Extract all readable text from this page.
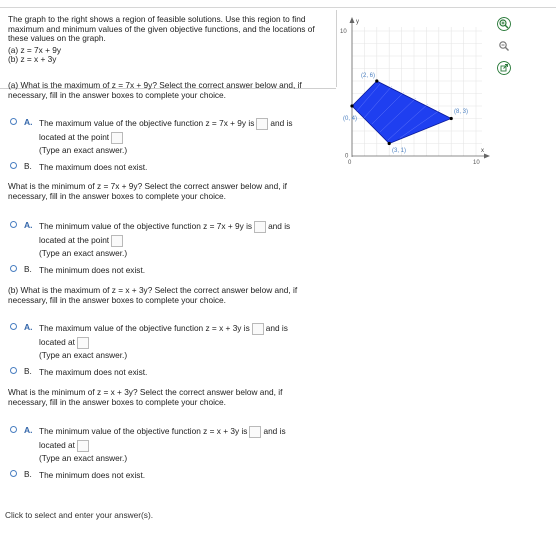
The graph to the right shows a region of feasible solutions. Use this region to find
maximum and minimum values of the given objective functions, and the locations of
these values on the graph.
(a) z = 7x + 9y
(b) z = x + 3y
y
x
10
10
0
0
(2, 6)
(8, 3)
(3, 1)
(0, 4)
(a) What is the maximum of z = 7x + 9y? Select the correct answer below and, if
necessary, fill in the answer boxes to complete your choice.
A. The maximum value of the objective function z = 7x + 9y is and is
located at the point
(Type an exact answer.)
B. The maximum does not exist.
What is the minimum of z = 7x + 9y? Select the correct answer below and, if
necessary, fill in the answer boxes to complete your choice.
A. The minimum value of the objective function z = 7x + 9y is and is
located at the point
(Type an exact answer.)
B. The minimum does not exist.
(b) What is the maximum of z = x + 3y? Select the correct answer below and, if
necessary, fill in the answer boxes to complete your choice.
A. The maximum value of the objective function z = x + 3y is and is
located at
(Type an exact answer.)
B. The maximum does not exist.
What is the minimum of z = x + 3y? Select the correct answer below and, if
necessary, fill in the answer boxes to complete your choice.
A. The minimum value of the objective function z = x + 3y is and is
located at
(Type an exact answer.)
B. The minimum does not exist.
Click to select and enter your answer(s).
